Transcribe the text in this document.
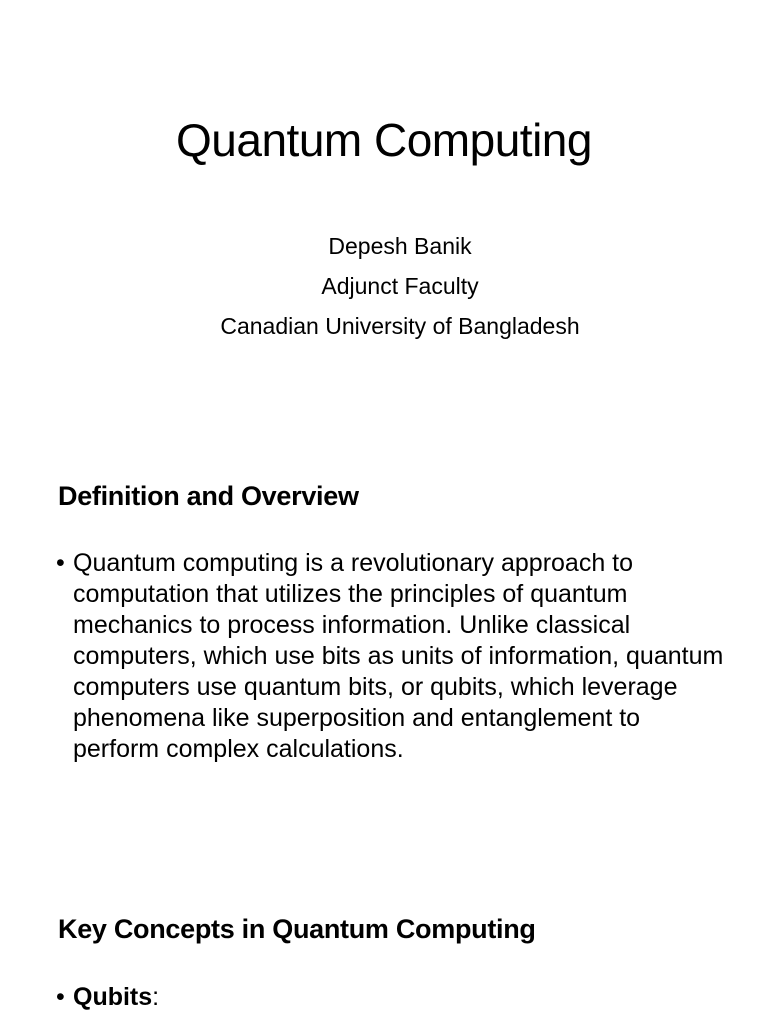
Quantum Computing
Depesh Banik
Adjunct Faculty
Canadian University of Bangladesh
Definition and Overview
• Quantum computing is a revolutionary approach to computation that utilizes the principles of quantum mechanics to process information. Unlike classical computers, which use bits as units of information, quantum computers use quantum bits, or qubits, which leverage phenomena like superposition and entanglement to perform complex calculations.
Key Concepts in Quantum Computing
• Qubits:
